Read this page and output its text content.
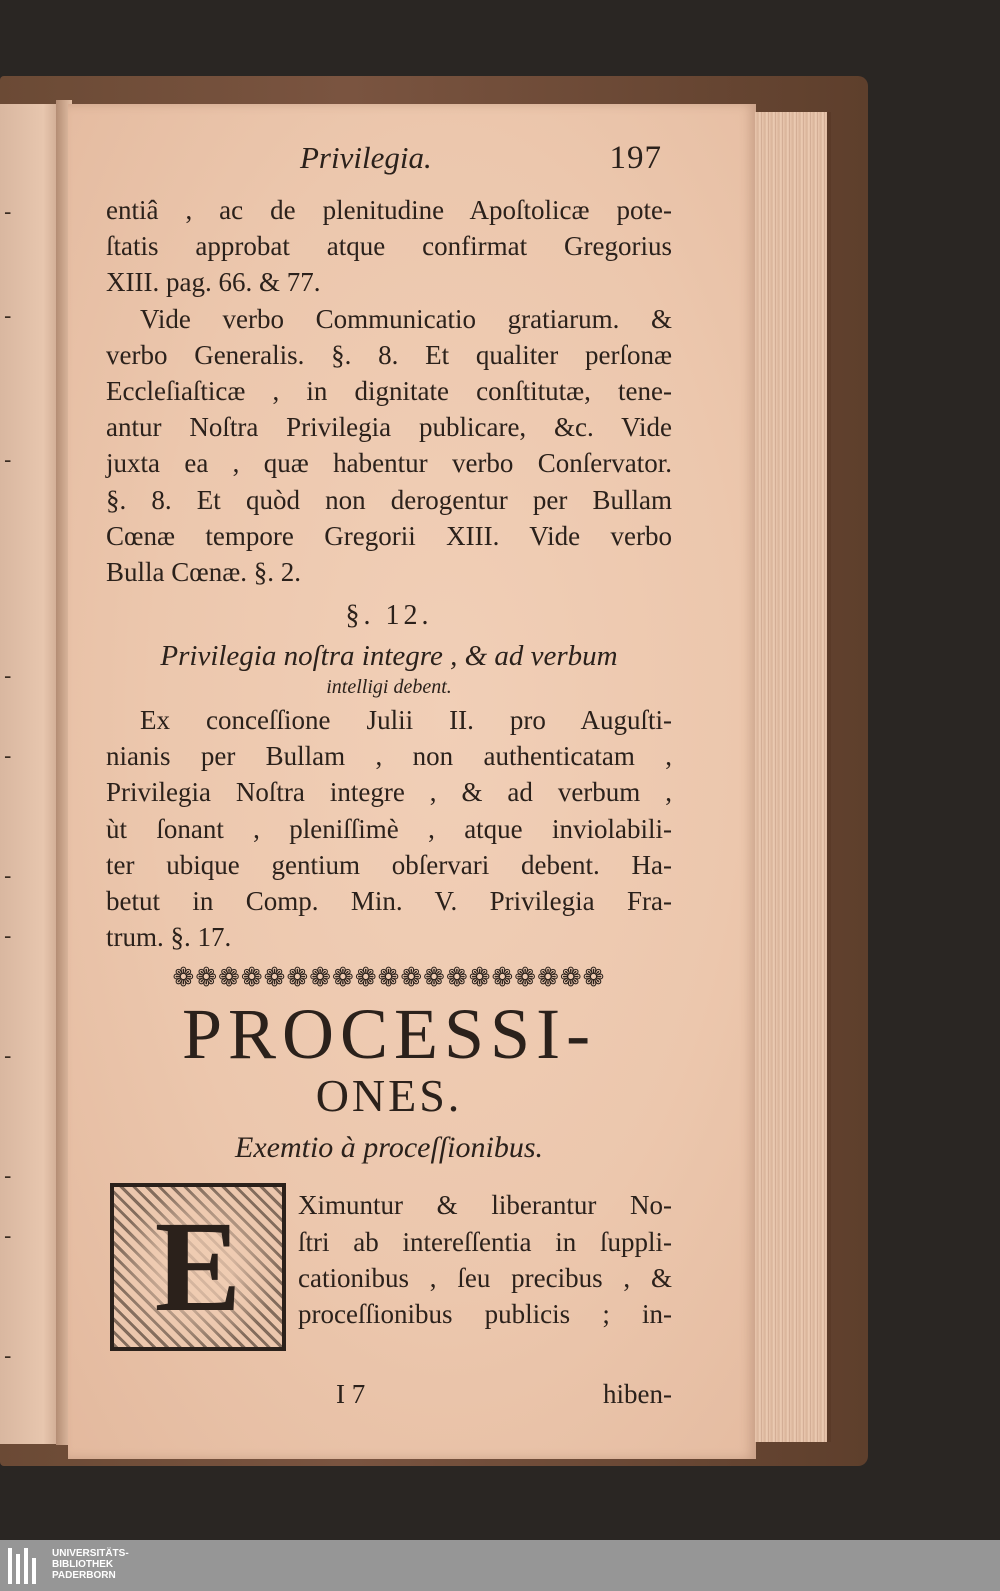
-
-
-
-
-
-
-
-
-
-
-
Privilegia.	197
entiâ , ac de plenitudine Apoſtolicæ pote-
ſtatis approbat atque confirmat Gregorius
XIII. pag. 66. & 77.
Vide verbo Communicatio gratiarum. &
verbo Generalis. §. 8. Et qualiter perſonæ
Eccleſiaſticæ , in dignitate conſtitutæ, tene-
antur Noſtra Privilegia publicare, &c. Vide
juxta ea , quæ habentur verbo Conſervator.
§. 8. Et quòd non derogentur per Bullam
Cœnæ tempore Gregorii XIII. Vide verbo
Bulla Cœnæ. §. 2.
§. 12.
Privilegia noſtra integre , & ad verbum
intelligi debent.
Ex conceſſione Julii II. pro Auguſti-
nianis per Bullam , non authenticatam ,
Privilegia Noſtra integre , & ad verbum ,
ùt ſonant , pleniſſimè , atque inviolabili-
ter ubique gentium obſervari debent. Ha-
betut in Comp. Min. V. Privilegia Fra-
trum. §. 17.
❁❁❁❁❁❁❁❁❁❁❁❁❁❁❁❁❁❁❁
PROCESSI-
ONES.
Exemtio à proceſſionibus.
E	Ximuntur & liberantur No-
ſtri ab intereſſentia in ſuppli-
cationibus , ſeu precibus , &
proceſſionibus publicis ; in-
I 7	hiben-
UNIVERSITÄTS-
BIBLIOTHEK
PADERBORN
